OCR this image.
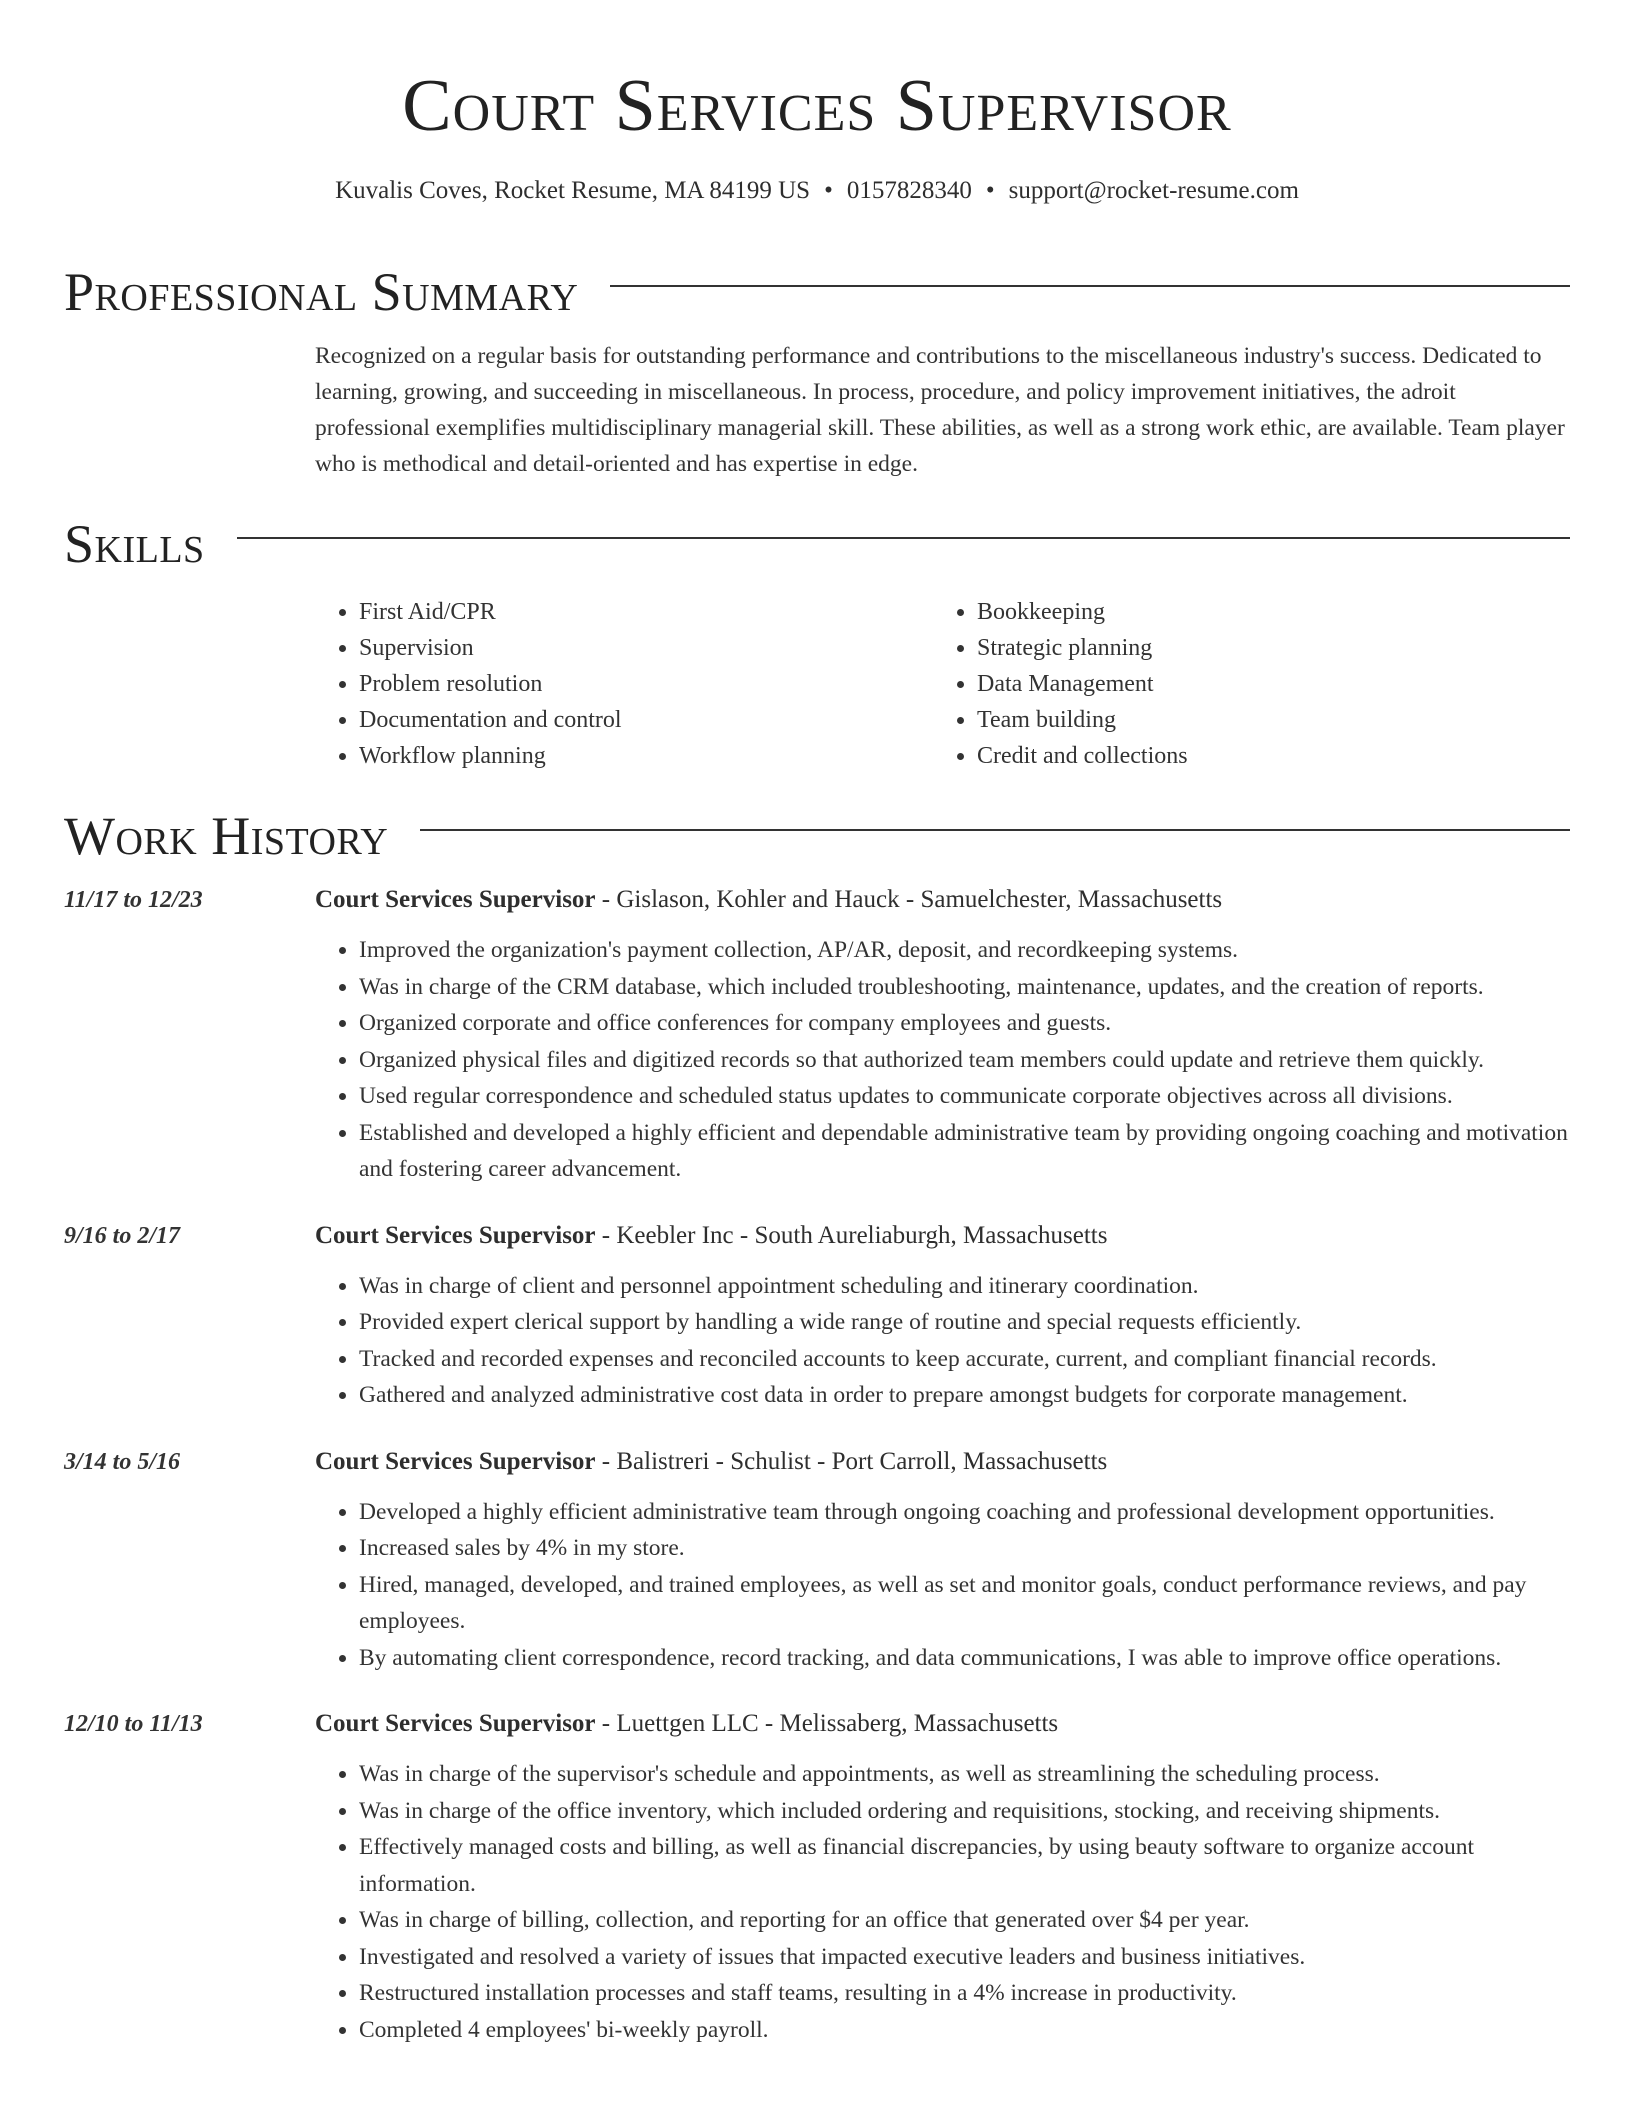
Court Services Supervisor
Kuvalis Coves, Rocket Resume, MA 84199 US • 0157828340 • support@rocket-resume.com
Professional Summary

Recognized on a regular basis for outstanding performance and contributions to the miscellaneous industry's success. Dedicated to learning, growing, and succeeding in miscellaneous. In process, procedure, and policy improvement initiatives, the adroit professional exemplifies multidisciplinary managerial skill. These abilities, as well as a strong work ethic, are available. Team player who is methodical and detail-oriented and has expertise in edge.

Skills
• First Aid/CPR
• Supervision
• Problem resolution
• Documentation and control
• Workflow planning
• Bookkeeping
• Strategic planning
• Data Management
• Team building
• Credit and collections
Work History
11/17 to 12/23	Court Services Supervisor - Gislason, Kohler and Hauck - Samuelchester, Massachusetts
• Improved the organization's payment collection, AP/AR, deposit, and recordkeeping systems.
• Was in charge of the CRM database, which included troubleshooting, maintenance, updates, and the creation of reports.
• Organized corporate and office conferences for company employees and guests.
• Organized physical files and digitized records so that authorized team members could update and retrieve them quickly.
• Used regular correspondence and scheduled status updates to communicate corporate objectives across all divisions.
• Established and developed a highly efficient and dependable administrative team by providing ongoing coaching and motivation and fostering career advancement.
9/16 to 2/17	Court Services Supervisor - Keebler Inc - South Aureliaburgh, Massachusetts
• Was in charge of client and personnel appointment scheduling and itinerary coordination.
• Provided expert clerical support by handling a wide range of routine and special requests efficiently.
• Tracked and recorded expenses and reconciled accounts to keep accurate, current, and compliant financial records.
• Gathered and analyzed administrative cost data in order to prepare amongst budgets for corporate management.
3/14 to 5/16	Court Services Supervisor - Balistreri - Schulist - Port Carroll, Massachusetts
• Developed a highly efficient administrative team through ongoing coaching and professional development opportunities.
• Increased sales by 4% in my store.
• Hired, managed, developed, and trained employees, as well as set and monitor goals, conduct performance reviews, and pay employees.
• By automating client correspondence, record tracking, and data communications, I was able to improve office operations.
12/10 to 11/13	Court Services Supervisor - Luettgen LLC - Melissaberg, Massachusetts
• Was in charge of the supervisor's schedule and appointments, as well as streamlining the scheduling process.
• Was in charge of the office inventory, which included ordering and requisitions, stocking, and receiving shipments.
• Effectively managed costs and billing, as well as financial discrepancies, by using beauty software to organize account information.
• Was in charge of billing, collection, and reporting for an office that generated over $4 per year.
• Investigated and resolved a variety of issues that impacted executive leaders and business initiatives.
• Restructured installation processes and staff teams, resulting in a 4% increase in productivity.
• Completed 4 employees' bi-weekly payroll.
